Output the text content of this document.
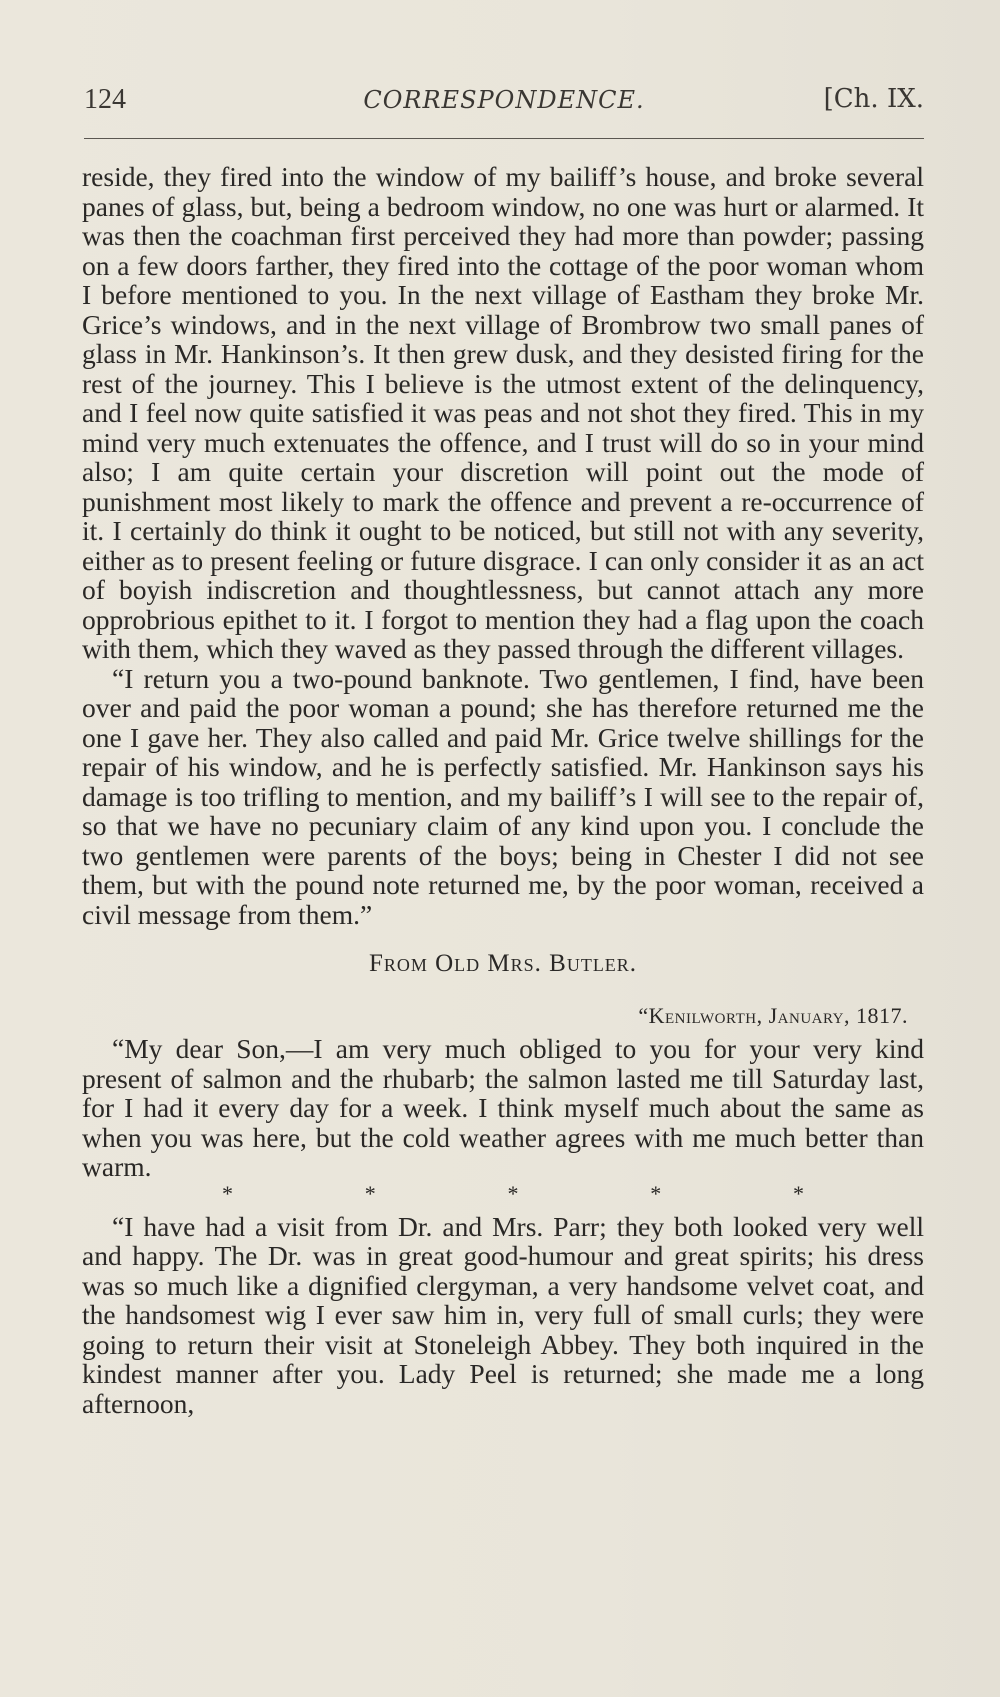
124	CORRESPONDENCE.	[Ch. IX.

reside, they fired into the window of my bailiff’s house, and broke several panes of glass, but, being a bedroom window, no one was hurt or alarmed. It was then the coachman first perceived they had more than powder; passing on a few doors farther, they fired into the cottage of the poor woman whom I before mentioned to you. In the next village of Eastham they broke Mr. Grice’s windows, and in the next village of Brombrow two small panes of glass in Mr. Hankinson’s. It then grew dusk, and they desisted firing for the rest of the journey. This I believe is the utmost extent of the delinquency, and I feel now quite satisfied it was peas and not shot they fired. This in my mind very much extenuates the offence, and I trust will do so in your mind also; I am quite certain your discretion will point out the mode of punishment most likely to mark the offence and prevent a re-occurrence of it. I certainly do think it ought to be noticed, but still not with any severity, either as to present feeling or future disgrace. I can only consider it as an act of boyish indiscretion and thoughtlessness, but cannot attach any more opprobrious epithet to it. I forgot to mention they had a flag upon the coach with them, which they waved as they passed through the different villages.

“I return you a two-pound banknote. Two gentlemen, I find, have been over and paid the poor woman a pound; she has therefore returned me the one I gave her. They also called and paid Mr. Grice twelve shillings for the repair of his window, and he is perfectly satisfied. Mr. Hankinson says his damage is too trifling to mention, and my bailiff’s I will see to the repair of, so that we have no pecuniary claim of any kind upon you. I conclude the two gentlemen were parents of the boys; being in Chester I did not see them, but with the pound note returned me, by the poor woman, received a civil message from them.”

From Old Mrs. Butler.
“Kenilworth, January, 1817.

“My dear Son,—I am very much obliged to you for your very kind present of salmon and the rhubarb; the salmon lasted me till Saturday last, for I had it every day for a week. I think myself much about the same as when you was here, but the cold weather agrees with me much better than warm.

*	*	*	*	*

“I have had a visit from Dr. and Mrs. Parr; they both looked very well and happy. The Dr. was in great good-humour and great spirits; his dress was so much like a dignified clergyman, a very handsome velvet coat, and the handsomest wig I ever saw him in, very full of small curls; they were going to return their visit at Stoneleigh Abbey. They both inquired in the kindest manner after you. Lady Peel is returned; she made me a long afternoon,
